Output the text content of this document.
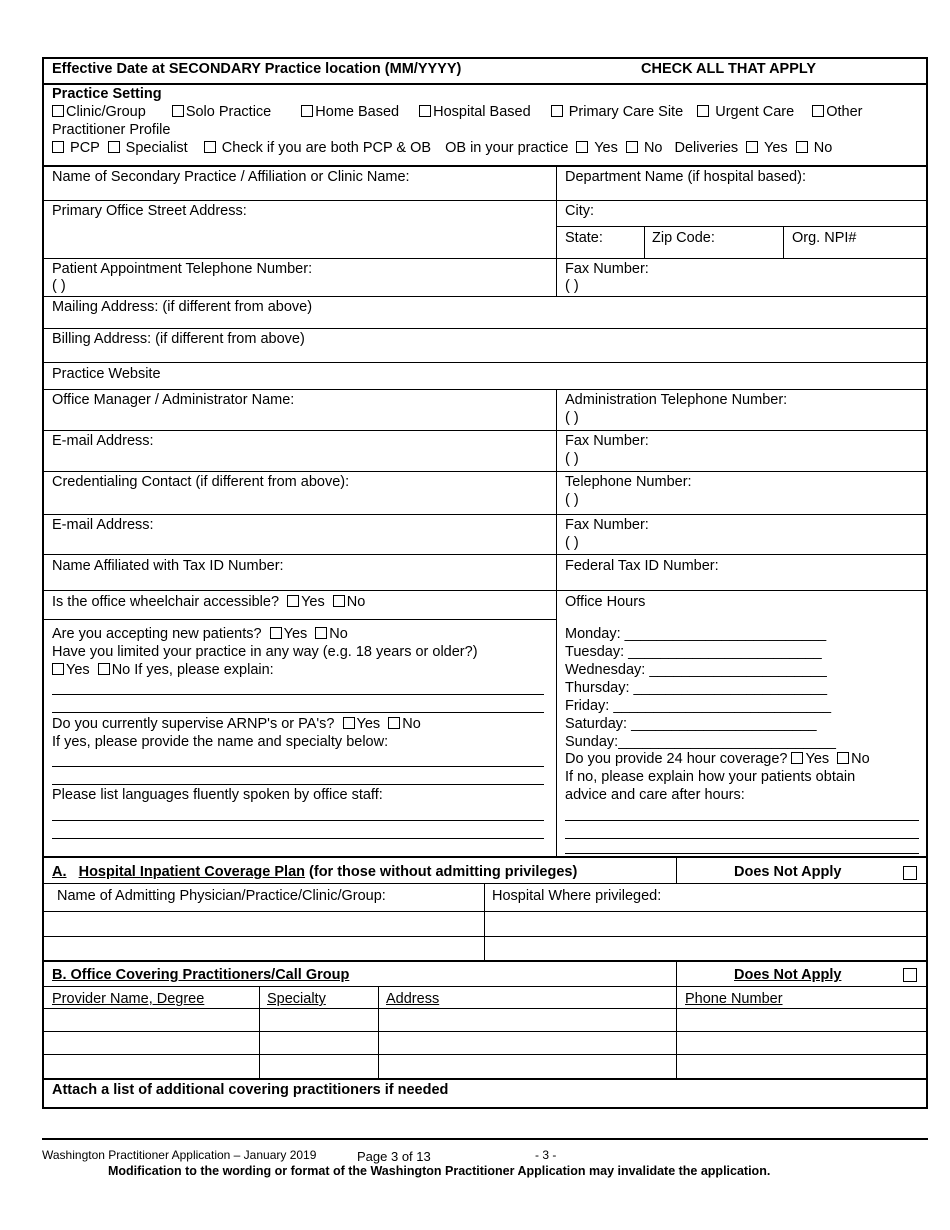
Effective Date at SECONDARY Practice location (MM/YYYY)	CHECK ALL THAT APPLY
Practice Setting
Clinic/Group	Solo Practice	Home Based Hospital Based	Primary Care Site Urgent Care Other
Practitioner Profile
PCP Specialist Check if you are both PCP & OB OB in your practice Yes No Deliveries Yes No
Name of Secondary Practice / Affiliation or Clinic Name:	Department Name (if hospital based):
Primary Office Street Address:	City:
State:	Zip Code:	Org. NPI#
Patient Appointment Telephone Number:
( )
Fax Number:
( )
Mailing Address: (if different from above)
Billing Address: (if different from above)
Practice Website
Office Manager / Administrator Name:	Administration Telephone Number:
( )
E-mail Address:	Fax Number:
( )
Credentialing Contact (if different from above):	Telephone Number:
( )
E-mail Address:	Fax Number:
( )
Name Affiliated with Tax ID Number:	Federal Tax ID Number:
Is the office wheelchair accessible? Yes No
Are you accepting new patients? Yes No
Have you limited your practice in any way (e.g. 18 years or older?)
Yes No If yes, please explain:
Do you currently supervise ARNP's or PA's? Yes No
If yes, please provide the name and specialty below:
Please list languages fluently spoken by office staff:
Office Hours
Monday: _________________________
Tuesday: ________________________
Wednesday: ______________________
Thursday: ________________________
Friday: ___________________________
Saturday: _______________________
Sunday:___________________________
Do you provide 24 hour coverage? Yes No
If no, please explain how your patients obtain
advice and care after hours:
A. Hospital Inpatient Coverage Plan (for those without admitting privileges)	Does Not Apply
Name of Admitting Physician/Practice/Clinic/Group:	Hospital Where privileged:
B. Office Covering Practitioners/Call Group	Does Not Apply
Provider Name, Degree	Specialty	Address	Phone Number
Attach a list of additional covering practitioners if needed
Washington Practitioner Application – January 2019	Page 3 of 13	- 3 -
Modification to the wording or format of the Washington Practitioner Application may invalidate the application.
